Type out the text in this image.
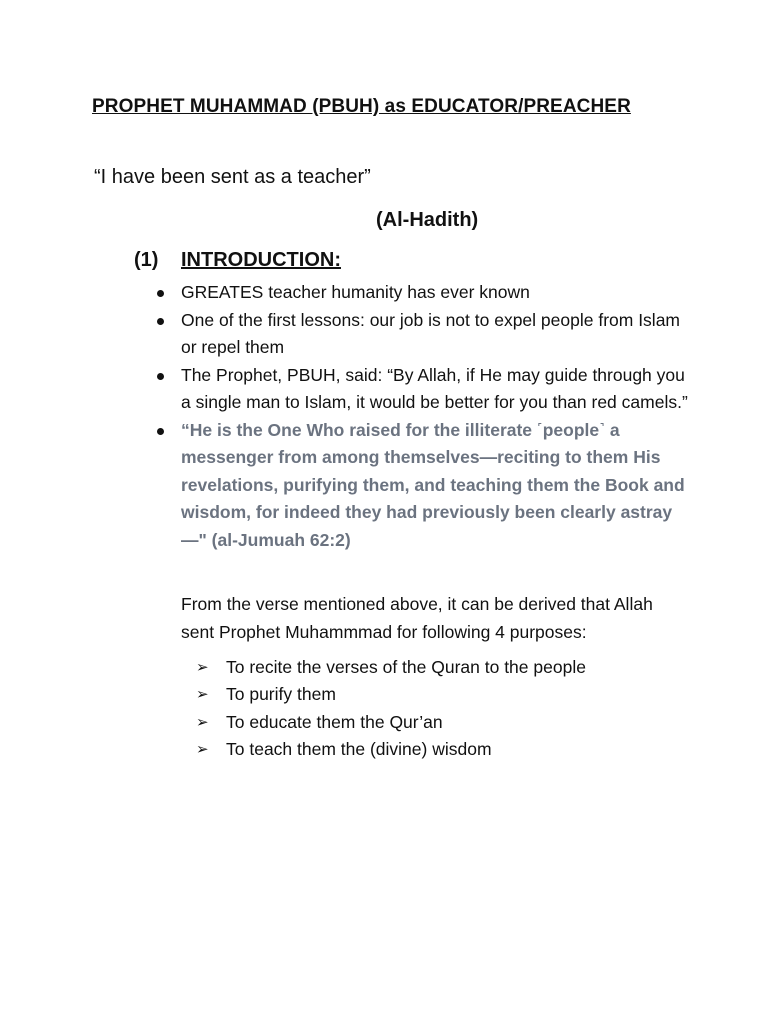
PROPHET MUHAMMAD (PBUH) as EDUCATOR/PREACHER
“I have been sent as a teacher”
(Al-Hadith)
(1) INTRODUCTION:
GREATES teacher humanity has ever known
One of the first lessons: our job is not to expel people from Islam or repel them
The Prophet, PBUH, said: “By Allah, if He may guide through you a single man to Islam, it would be better for you than red camels.”
“He is the One Who raised for the illiterate ˹people˺ a messenger from among themselves—reciting to them His revelations, purifying them, and teaching them the Book and wisdom, for indeed they had previously been clearly astray—" (al-Jumuah 62:2)

From the verse mentioned above, it can be derived that Allah sent Prophet Muhammmad for following 4 purposes:

➢ To recite the verses of the Quran to the people
➢ To purify them
➢ To educate them the Qur’an
➢ To teach them the (divine) wisdom
